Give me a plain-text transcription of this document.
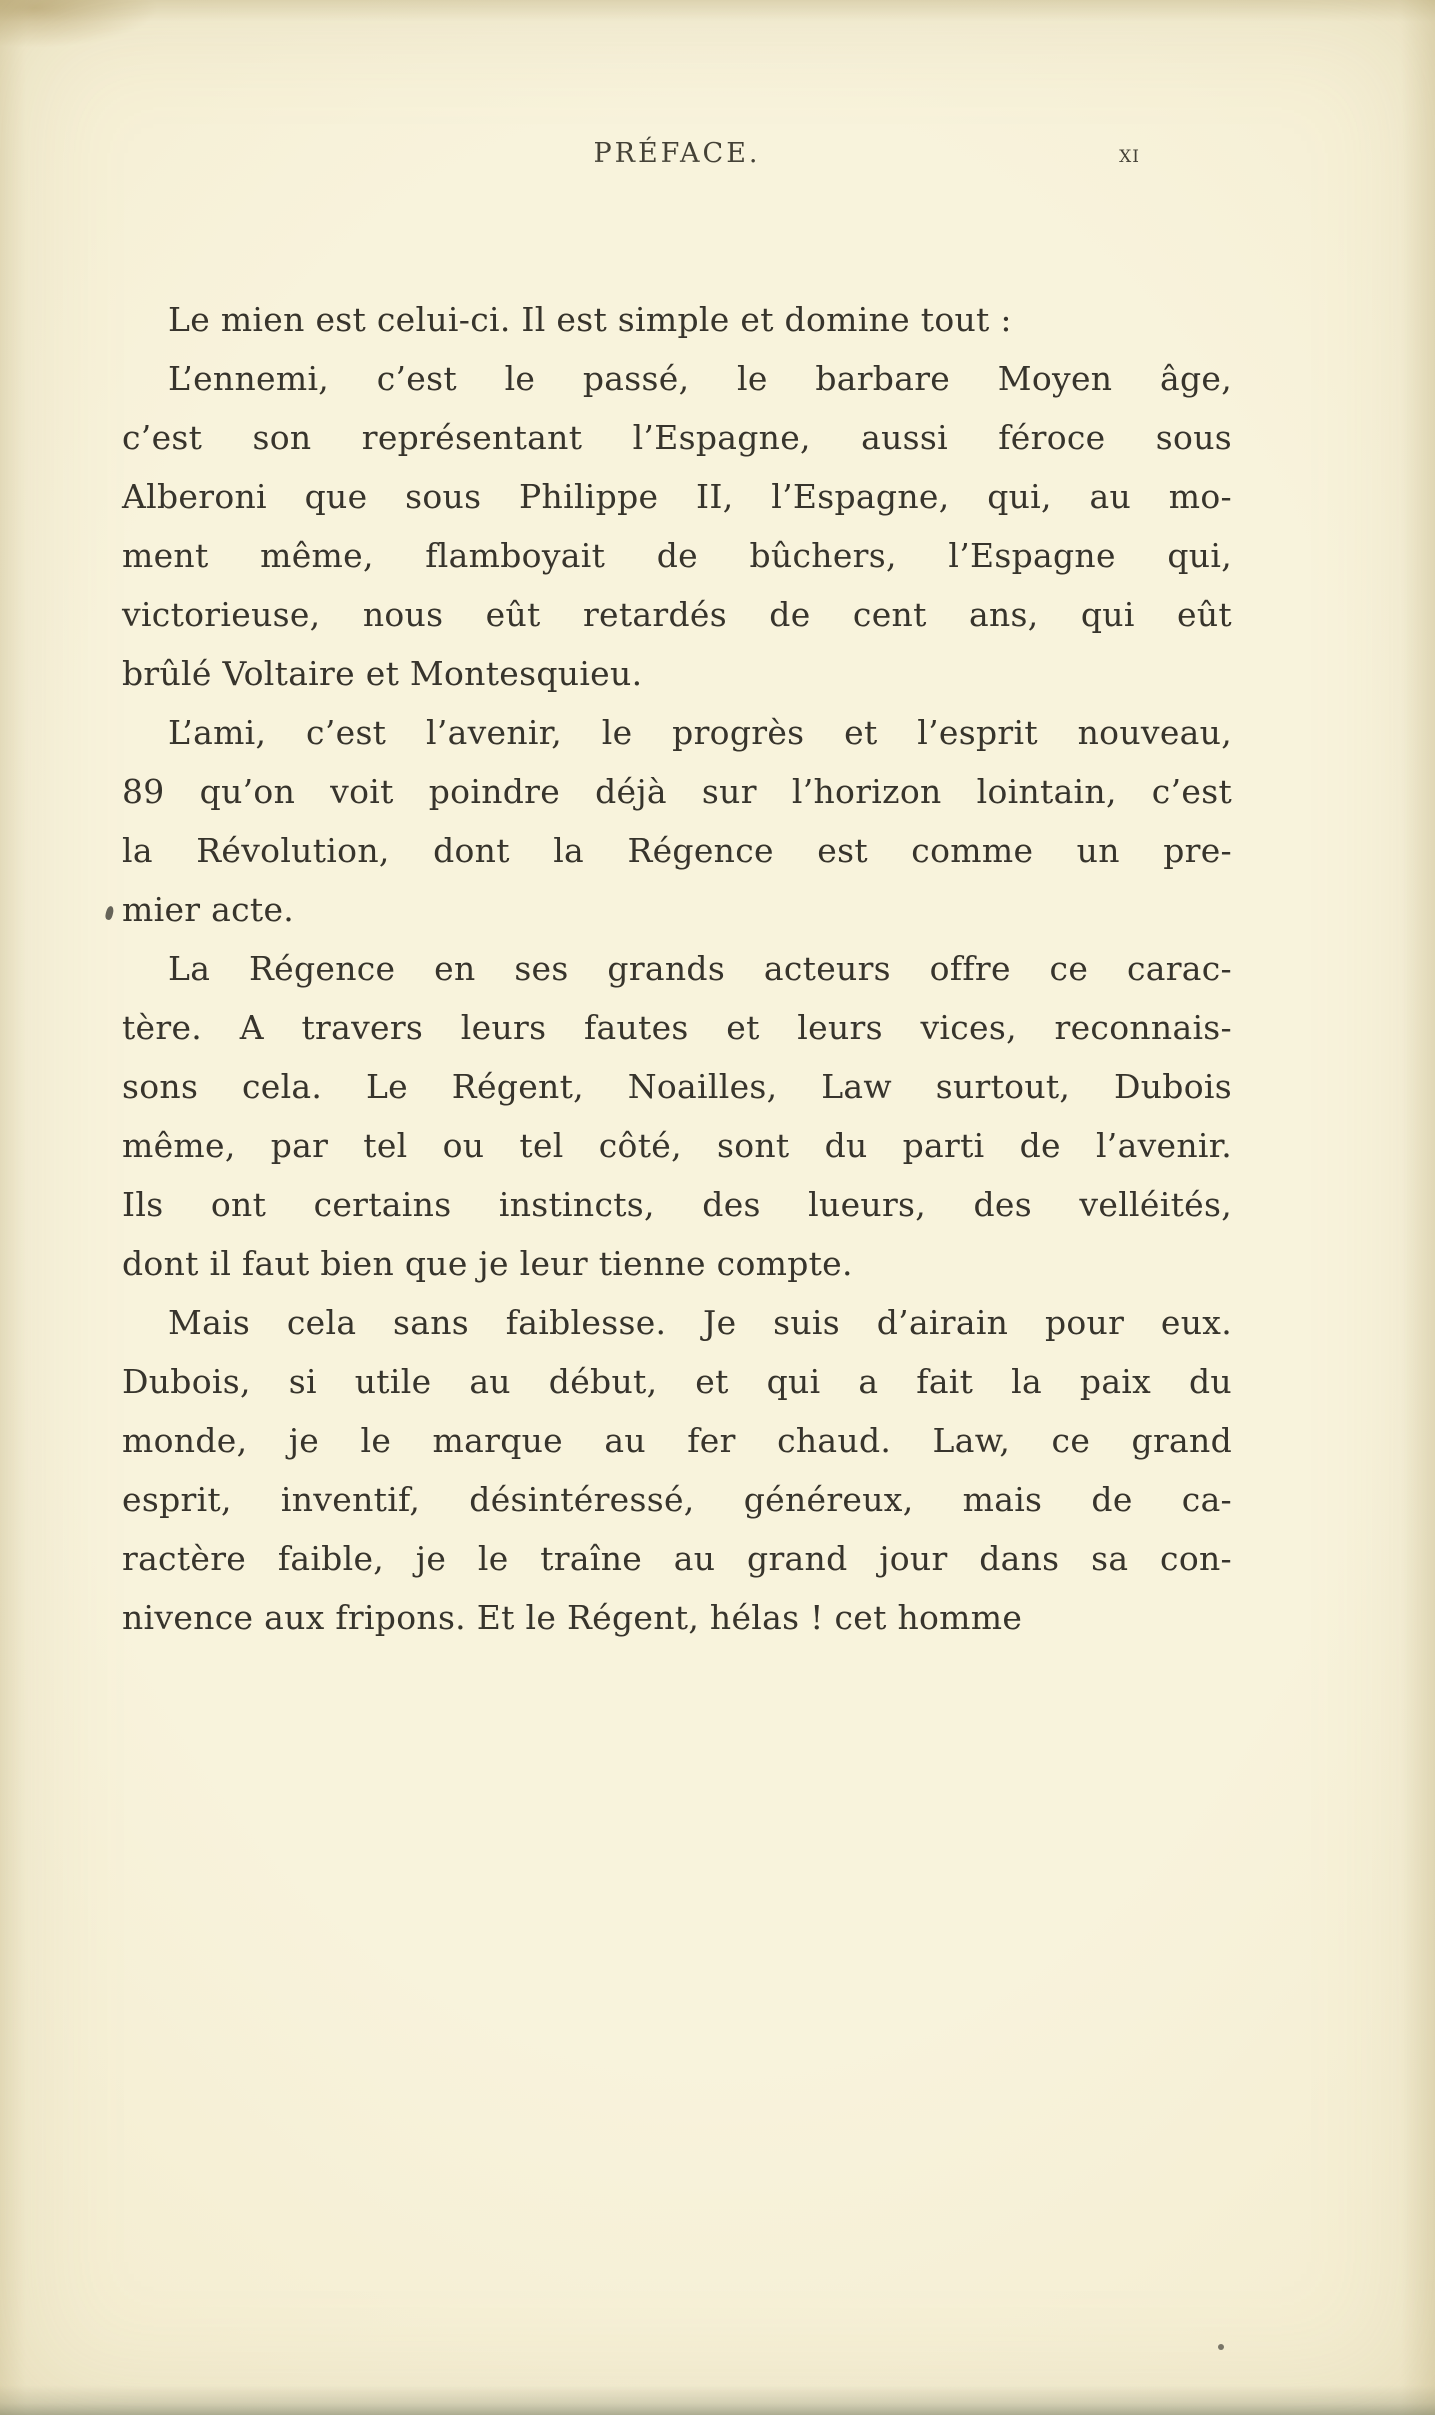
PRÉFACE.	xi
Le mien est celui-ci. Il est simple et domine tout :
L’ennemi, c’est le passé, le barbare Moyen âge,
c’est son représentant l’Espagne, aussi féroce sous
Alberoni que sous Philippe II, l’Espagne, qui, au mo-
ment même, flamboyait de bûchers, l’Espagne qui,
victorieuse, nous eût retardés de cent ans, qui eût
brûlé Voltaire et Montesquieu.
L’ami, c’est l’avenir, le progrès et l’esprit nouveau,
89 qu’on voit poindre déjà sur l’horizon lointain, c’est
la Révolution, dont la Régence est comme un pre-
mier acte.
La Régence en ses grands acteurs offre ce carac-
tère. A travers leurs fautes et leurs vices, reconnais-
sons cela. Le Régent, Noailles, Law surtout, Dubois
même, par tel ou tel côté, sont du parti de l’avenir.
Ils ont certains instincts, des lueurs, des velléités,
dont il faut bien que je leur tienne compte.
Mais cela sans faiblesse. Je suis d’airain pour eux.
Dubois, si utile au début, et qui a fait la paix du
monde, je le marque au fer chaud. Law, ce grand
esprit, inventif, désintéressé, généreux, mais de ca-
ractère faible, je le traîne au grand jour dans sa con-
nivence aux fripons. Et le Régent, hélas ! cet homme
